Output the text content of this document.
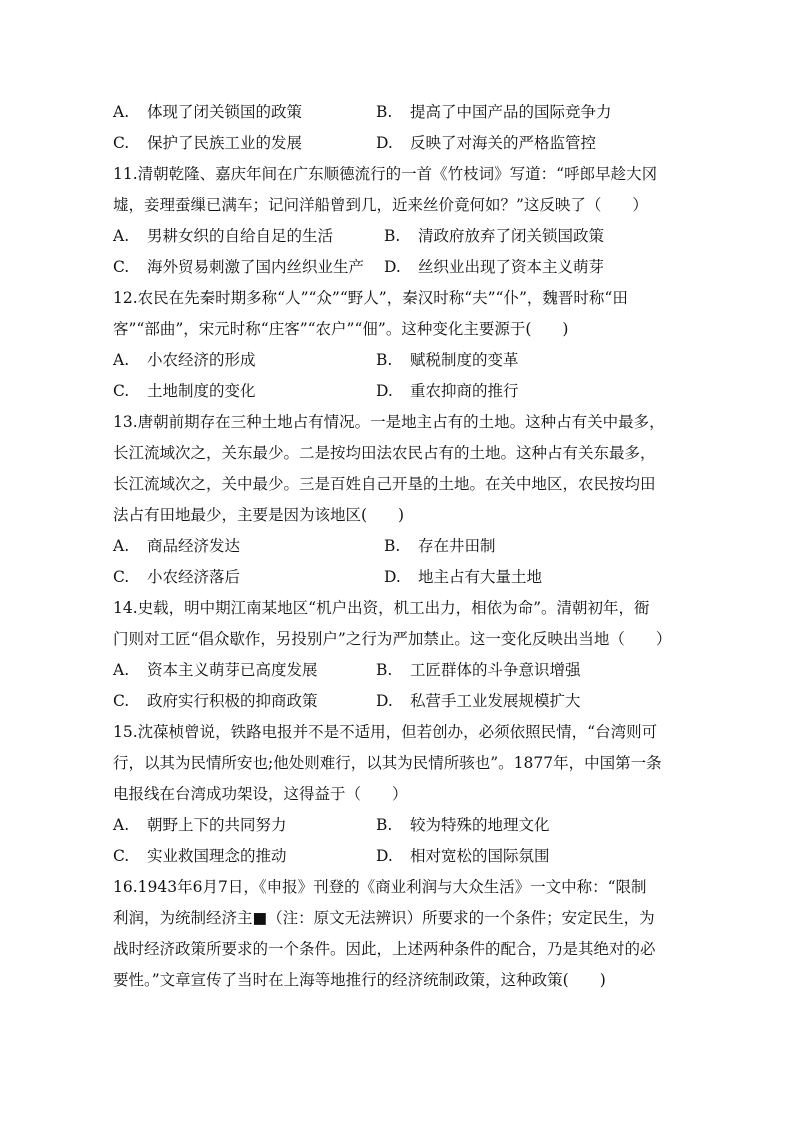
A. 体现了闭关锁国的政策	B. 提高了中国产品的国际竞争力
C. 保护了民族工业的发展	D. 反映了对海关的严格监管控
11.清朝乾隆、嘉庆年间在广东顺德流行的一首《竹枝词》写道：“呼郎早趁大冈
墟，妾理蚕缫已满车；记问洋船曾到几，近来丝价竟何如？”这反映了（　　）
A. 男耕女织的自给自足的生活	B. 清政府放弃了闭关锁国政策
C. 海外贸易刺激了国内丝织业生产 D. 丝织业出现了资本主义萌芽
12.农民在先秦时期多称“人”“众”“野人”，秦汉时称“夫”“仆”，魏晋时称“田
客”“部曲”，宋元时称“庄客”“农户”“佃”。这种变化主要源于(　　)
A. 小农经济的形成	B. 赋税制度的变革
C. 土地制度的变化	D. 重农抑商的推行
13.唐朝前期存在三种土地占有情况。一是地主占有的土地。这种占有关中最多，
长江流域次之，关东最少。二是按均田法农民占有的土地。这种占有关东最多，
长江流域次之，关中最少。三是百姓自己开垦的土地。在关中地区，农民按均田
法占有田地最少，主要是因为该地区(　　)
A. 商品经济发达	B. 存在井田制
C. 小农经济落后	D. 地主占有大量土地
14.史载，明中期江南某地区“机户出资，机工出力，相依为命”。清朝初年，衙
门则对工匠“倡众歇作，另投别户”之行为严加禁止。这一变化反映出当地（　　）
A. 资本主义萌芽已高度发展	B. 工匠群体的斗争意识增强
C. 政府实行积极的抑商政策	D. 私营手工业发展规模扩大
15.沈葆桢曾说，铁路电报并不是不适用，但若创办，必须依照民情，“台湾则可
行，以其为民情所安也;他处则难行，以其为民情所骇也”。1877年，中国第一条
电报线在台湾成功架设，这得益于（　　）
A. 朝野上下的共同努力	B. 较为特殊的地理文化
C. 实业救国理念的推动	D. 相对宽松的国际氛围
16.1943年6月7日，《申报》刊登的《商业利润与大众生活》一文中称：“限制
利润，为统制经济主■（注：原文无法辨识）所要求的一个条件；安定民生，为
战时经济政策所要求的一个条件。因此，上述两种条件的配合，乃是其绝对的必
要性。”文章宣传了当时在上海等地推行的经济统制政策，这种政策(　　)
